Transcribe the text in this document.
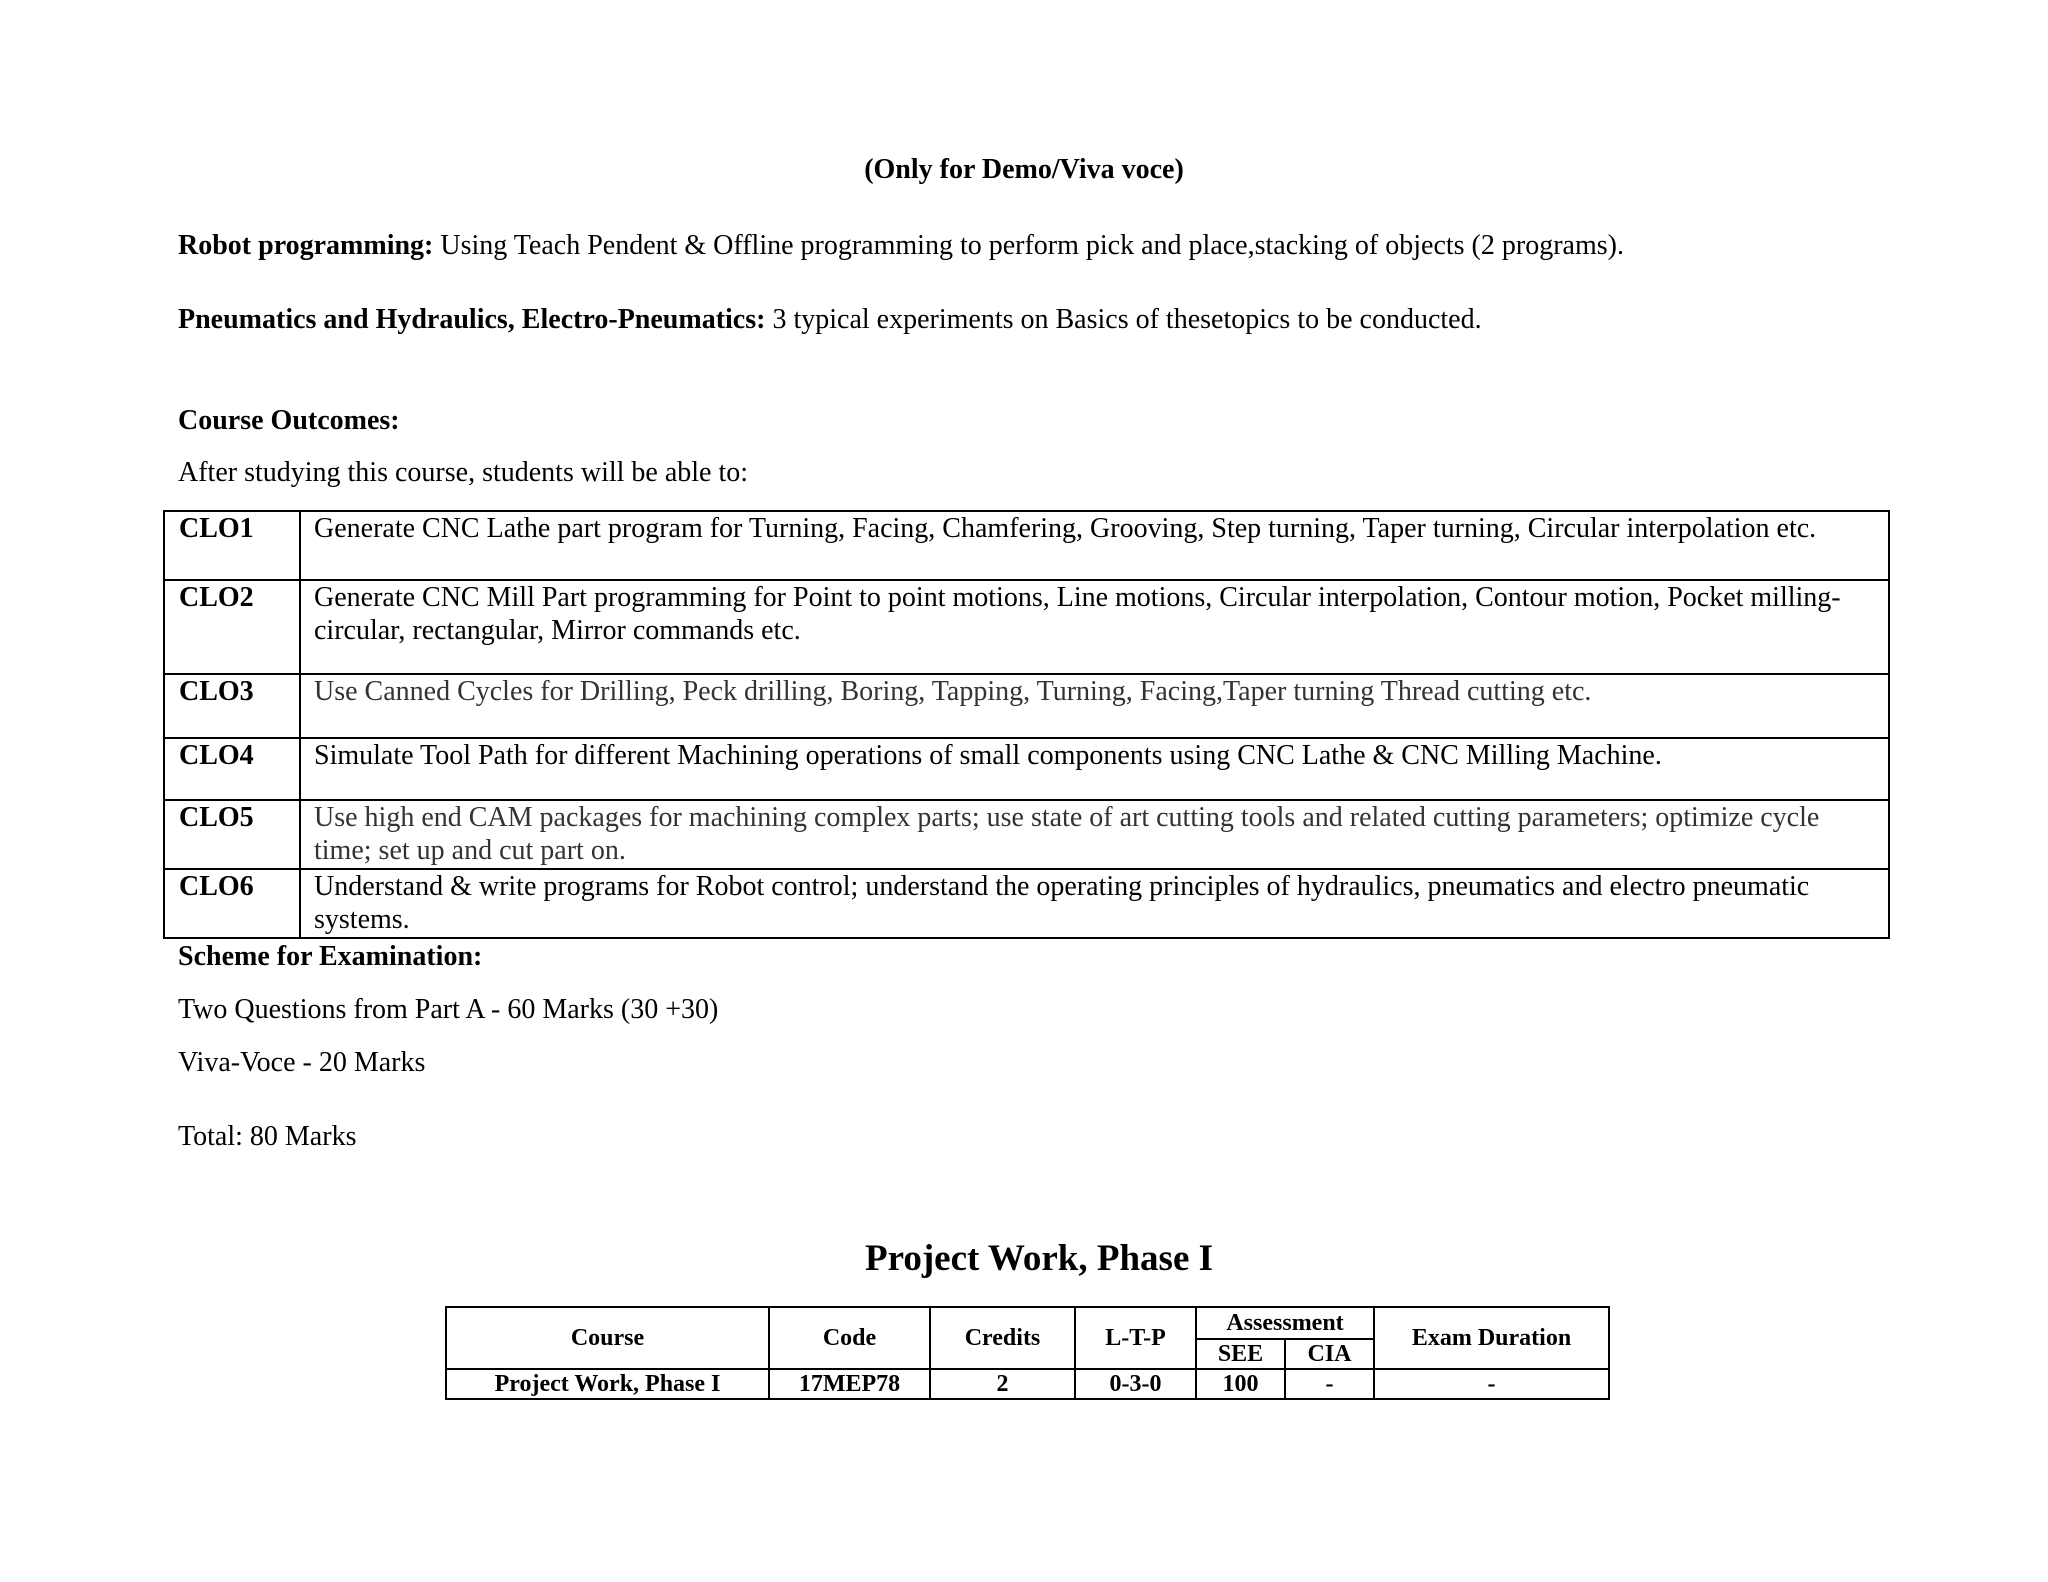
(Only for Demo/Viva voce)
Robot programming: Using Teach Pendent & Offline programming to perform pick and place,stacking of objects (2 programs).
Pneumatics and Hydraulics, Electro-Pneumatics: 3 typical experiments on Basics of thesetopics to be conducted.
Course Outcomes:
After studying this course, students will be able to:
CLO1	Generate CNC Lathe part program for Turning, Facing, Chamfering, Grooving, Step turning, Taper turning, Circular interpolation etc.
CLO2	Generate CNC Mill Part programming for Point to point motions, Line motions, Circular interpolation, Contour motion, Pocket milling- circular, rectangular, Mirror commands etc.
CLO3	Use Canned Cycles for Drilling, Peck drilling, Boring, Tapping, Turning, Facing,Taper turning Thread cutting etc.
CLO4	Simulate Tool Path for different Machining operations of small components using CNC Lathe & CNC Milling Machine.
CLO5	Use high end CAM packages for machining complex parts; use state of art cutting tools and related cutting parameters; optimize cycle time; set up and cut part on.
CLO6	Understand & write programs for Robot control; understand the operating principles of hydraulics, pneumatics and electro pneumatic systems.
Scheme for Examination:
Two Questions from Part A - 60 Marks (30 +30)
Viva-Voce - 20 Marks
Total: 80 Marks
Project Work, Phase I
Course	Code	Credits	L-T-P	Assessment		Exam Duration
				SEE	CIA	
Project Work, Phase I	17MEP78	2	0-3-0	100	-	-
